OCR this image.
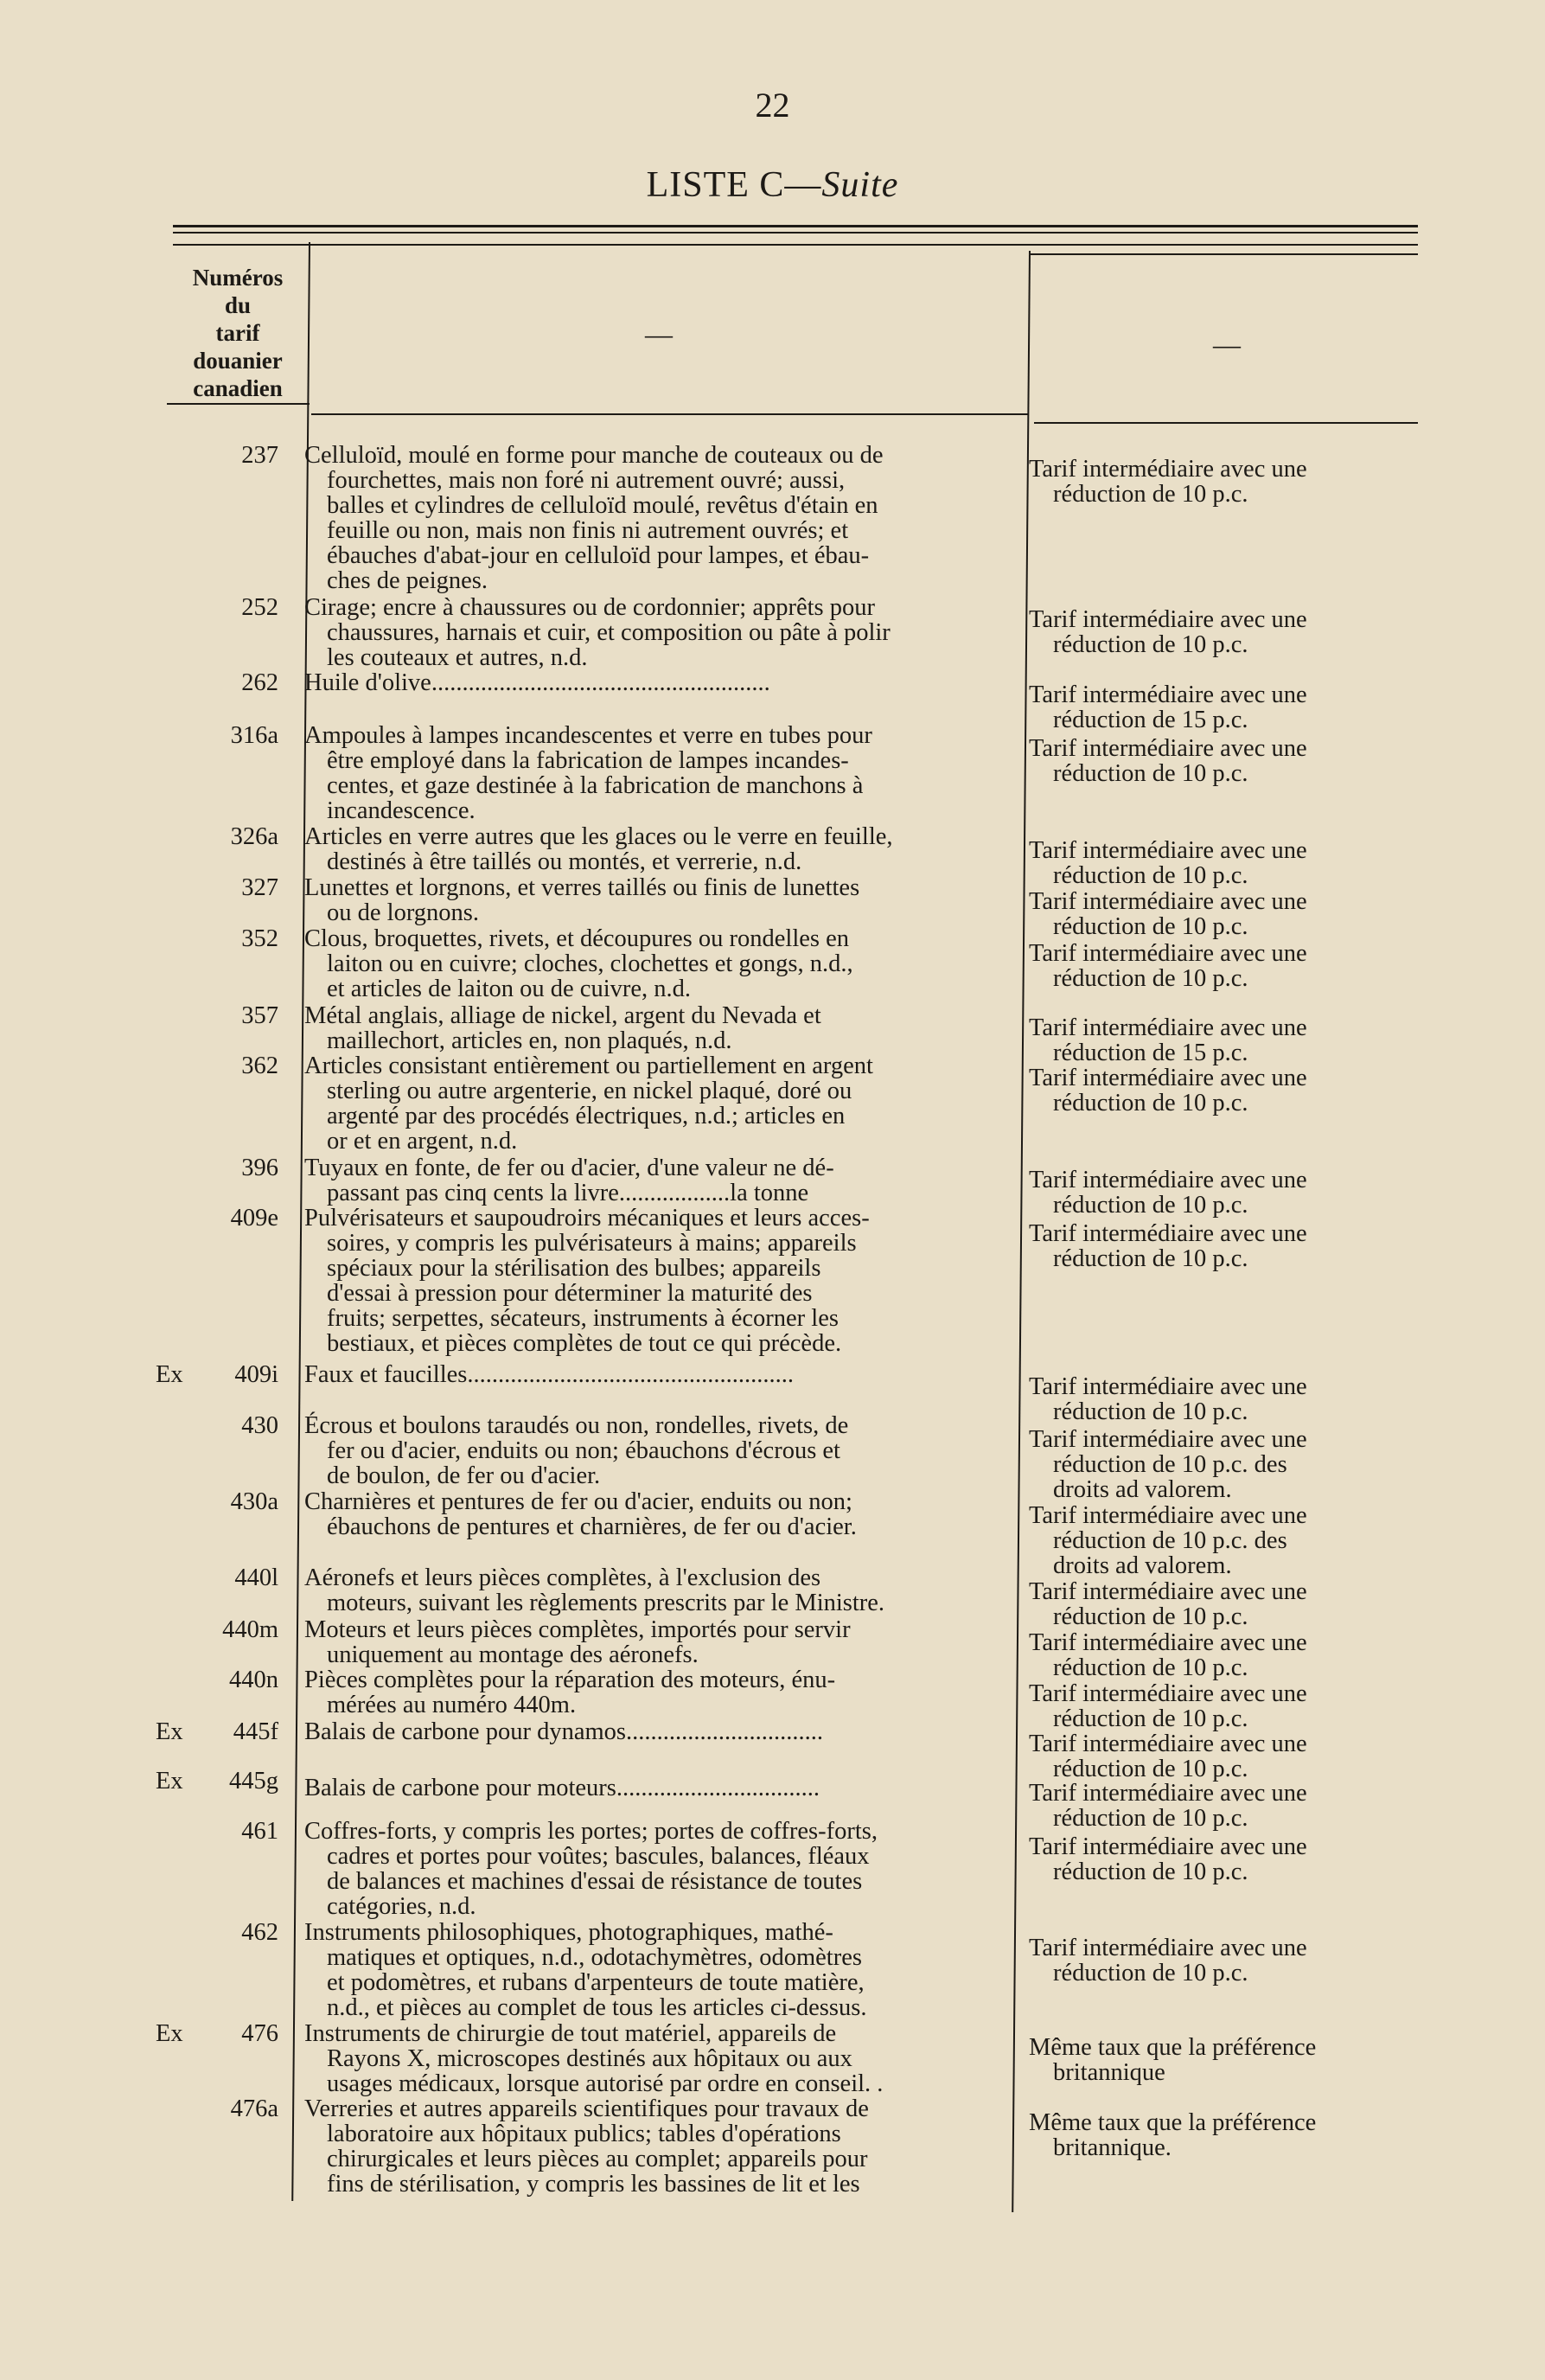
22
LISTE C—Suite
Numéros
du
tarif
douanier
canadien
—	—
237 Celluloïd, moulé en forme pour manche de couteaux ou de
fourchettes, mais non foré ni autrement ouvré; aussi,
balles et cylindres de celluloïd moulé, revêtus d'étain en
feuille ou non, mais non finis ni autrement ouvrés; et
ébauches d'abat-jour en celluloïd pour lampes, et ébau-
ches de peignes.
Tarif intermédiaire avec une
réduction de 10 p.c.
252 Cirage; encre à chaussures ou de cordonnier; apprêts pour
chaussures, harnais et cuir, et composition ou pâte à polir
les couteaux et autres, n.d.
Tarif intermédiaire avec une
réduction de 10 p.c.
262 Huile d'olive.......................................................	Tarif intermédiaire avec une
réduction de 15 p.c.
316a Ampoules à lampes incandescentes et verre en tubes pour
être employé dans la fabrication de lampes incandes-
centes, et gaze destinée à la fabrication de manchons à
incandescence.
Tarif intermédiaire avec une
réduction de 10 p.c.
326a Articles en verre autres que les glaces ou le verre en feuille,
destinés à être taillés ou montés, et verrerie, n.d.	Tarif intermédiaire avec une
réduction de 10 p.c.
327 Lunettes et lorgnons, et verres taillés ou finis de lunettes
ou de lorgnons.	Tarif intermédiaire avec une
réduction de 10 p.c.
352 Clous, broquettes, rivets, et découpures ou rondelles en
laiton ou en cuivre; cloches, clochettes et gongs, n.d.,
et articles de laiton ou de cuivre, n.d.
Tarif intermédiaire avec une
réduction de 10 p.c.
357 Métal anglais, alliage de nickel, argent du Nevada et
maillechort, articles en, non plaqués, n.d.	Tarif intermédiaire avec une
réduction de 15 p.c.
362 Articles consistant entièrement ou partiellement en argent
sterling ou autre argenterie, en nickel plaqué, doré ou
argenté par des procédés électriques, n.d.; articles en
or et en argent, n.d.
Tarif intermédiaire avec une
réduction de 10 p.c.
396 Tuyaux en fonte, de fer ou d'acier, d'une valeur ne dé-
passant pas cinq cents la livre..................la tonne	Tarif intermédiaire avec une
réduction de 10 p.c.
409e Pulvérisateurs et saupoudroirs mécaniques et leurs acces-
soires, y compris les pulvérisateurs à mains; appareils
spéciaux pour la stérilisation des bulbes; appareils
d'essai à pression pour déterminer la maturité des
fruits; serpettes, sécateurs, instruments à écorner les
bestiaux, et pièces complètes de tout ce qui précède.
Tarif intermédiaire avec une
réduction de 10 p.c.
Ex	409i Faux et faucilles.....................................................	Tarif intermédiaire avec une
réduction de 10 p.c.
430 Écrous et boulons taraudés ou non, rondelles, rivets, de
fer ou d'acier, enduits ou non; ébauchons d'écrous et
de boulon, de fer ou d'acier.
Tarif intermédiaire avec une
réduction de 10 p.c. des
droits ad valorem.
430a Charnières et pentures de fer ou d'acier, enduits ou non;
ébauchons de pentures et charnières, de fer ou d'acier.	Tarif intermédiaire avec une
réduction de 10 p.c. des
droits ad valorem.
440l Aéronefs et leurs pièces complètes, à l'exclusion des
moteurs, suivant les règlements prescrits par le Ministre.	Tarif intermédiaire avec une
réduction de 10 p.c.
440m Moteurs et leurs pièces complètes, importés pour servir
uniquement au montage des aéronefs.	Tarif intermédiaire avec une
réduction de 10 p.c.
440n Pièces complètes pour la réparation des moteurs, énu-
mérées au numéro 440m.	Tarif intermédiaire avec une
réduction de 10 p.c.
Ex	445f Balais de carbone pour dynamos................................	Tarif intermédiaire avec une
réduction de 10 p.c.
Ex	445g Balais de carbone pour moteurs.................................	Tarif intermédiaire avec une
réduction de 10 p.c.
461 Coffres-forts, y compris les portes; portes de coffres-forts,
cadres et portes pour voûtes; bascules, balances, fléaux
de balances et machines d'essai de résistance de toutes
catégories, n.d.
Tarif intermédiaire avec une
réduction de 10 p.c.
462 Instruments philosophiques, photographiques, mathé-
matiques et optiques, n.d., odotachymètres, odomètres
et podomètres, et rubans d'arpenteurs de toute matière,
n.d., et pièces au complet de tous les articles ci-dessus.
Tarif intermédiaire avec une
réduction de 10 p.c.
Ex	476 Instruments de chirurgie de tout matériel, appareils de
Rayons X, microscopes destinés aux hôpitaux ou aux
usages médicaux, lorsque autorisé par ordre en conseil. .
Même taux que la préférence
britannique
476a Verreries et autres appareils scientifiques pour travaux de
laboratoire aux hôpitaux publics; tables d'opérations
chirurgicales et leurs pièces au complet; appareils pour
fins de stérilisation, y compris les bassines de lit et les
Même taux que la préférence
britannique.
